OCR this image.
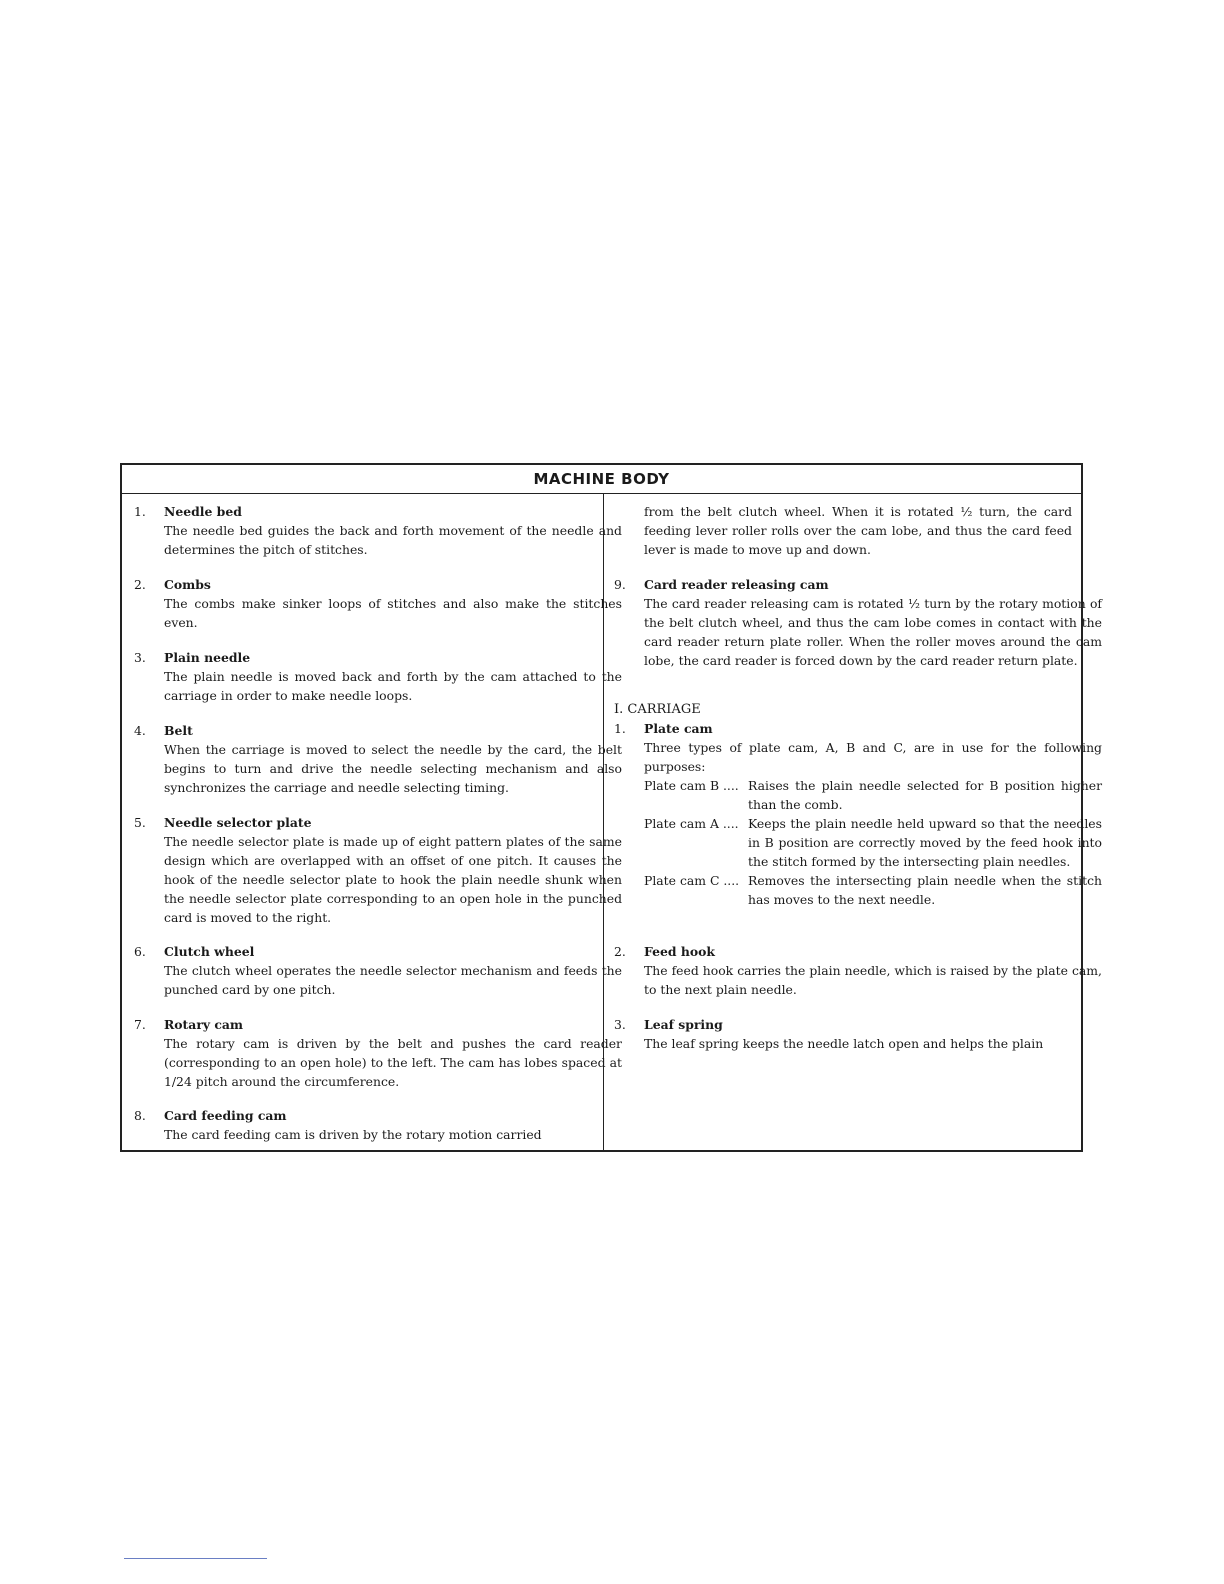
MACHINE BODY
1.	Needle bed
The needle bed guides the back and forth movement of the needle and determines the pitch of stitches.
2.	Combs
The combs make sinker loops of stitches and also make the stitches even.
3.	Plain needle
The plain needle is moved back and forth by the cam attached to the carriage in order to make needle loops.
4.	Belt
When the carriage is moved to select the needle by the card, the belt begins to turn and drive the needle selecting mechanism and also synchronizes the carriage and needle selecting timing.
5.	Needle selector plate
The needle selector plate is made up of eight pattern plates of the same design which are overlapped with an offset of one pitch. It causes the hook of the needle selector plate to hook the plain needle shunk when the needle selector plate corresponding to an open hole in the punched card is moved to the right.
6.	Clutch wheel
The clutch wheel operates the needle selector mechanism and feeds the punched card by one pitch.
7.	Rotary cam
The rotary cam is driven by the belt and pushes the card reader (corresponding to an open hole) to the left. The cam has lobes spaced at 1/24 pitch around the circumference.
8.	Card feeding cam
The card feeding cam is driven by the rotary motion carried
from the belt clutch wheel. When it is rotated ½ turn, the card feeding lever roller rolls over the cam lobe, and thus the card feed lever is made to move up and down.
9.	Card reader releasing cam
The card reader releasing cam is rotated ½ turn by the rotary motion of the belt clutch wheel, and thus the cam lobe comes in contact with the card reader return plate roller. When the roller moves around the cam lobe, the card reader is forced down by the card reader return plate.
I. CARRIAGE
1.	Plate cam
Three types of plate cam, A, B and C, are in use for the following purposes:
Plate cam B .... Raises the plain needle selected for B position higher than the comb.
Plate cam A .... Keeps the plain needle held upward so that the needles in B position are correctly moved by the feed hook into the stitch formed by the intersecting plain needles.
Plate cam C .... Removes the intersecting plain needle when the stitch has moves to the next needle.
2.	Feed hook
The feed hook carries the plain needle, which is raised by the plate cam, to the next plain needle.
3.	Leaf spring
The leaf spring keeps the needle latch open and helps the plain
